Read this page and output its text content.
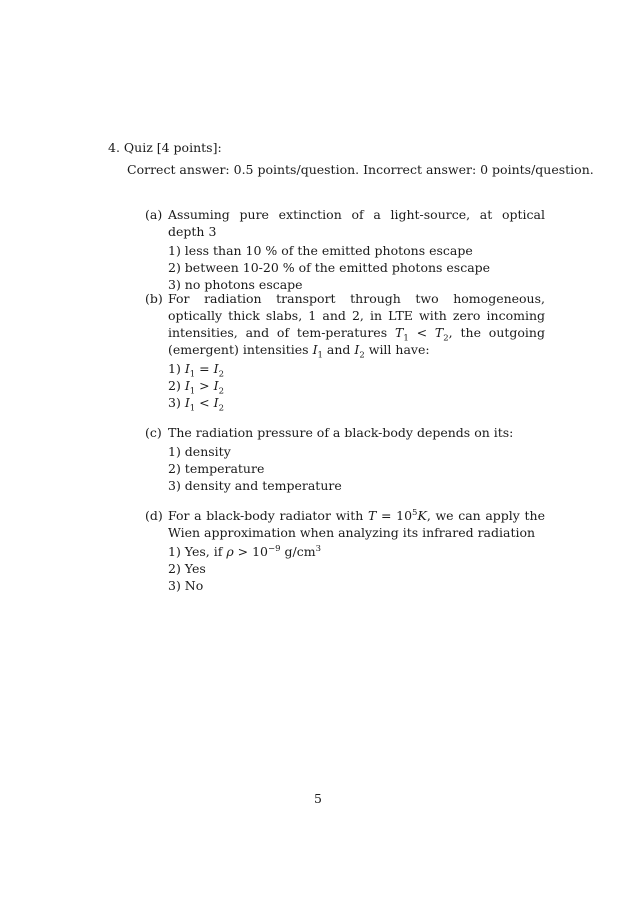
4. Quiz [4 points]:

Correct answer: 0.5 points/question. Incorrect answer: 0 points/question.

(a) Assuming pure extinction of a light-source, at optical depth 3

1) less than 10 % of the emitted photons escape
2) between 10-20 % of the emitted photons escape
3) no photons escape
(b) For radiation transport through two homogeneous, optically thick slabs, 1 and 2, in LTE with zero incoming intensities, and of tem-peratures $T_1 < T_2$, the outgoing (emergent) intensities $I_1$ and $I_2$ will have:

1) $I_1 = I_2$
2) $I_1 > I_2$
3) $I_1 < I_2$
(c) The radiation pressure of a black-body depends on its:

1) density
2) temperature
3) density and temperature
(d) For a black-body radiator with $T = 10^5K$, we can apply the Wien approximation when analyzing its infrared radiation

1) Yes, if $\rho > 10^{-9}$ $g/cm^3$
2) Yes
3) No

5
